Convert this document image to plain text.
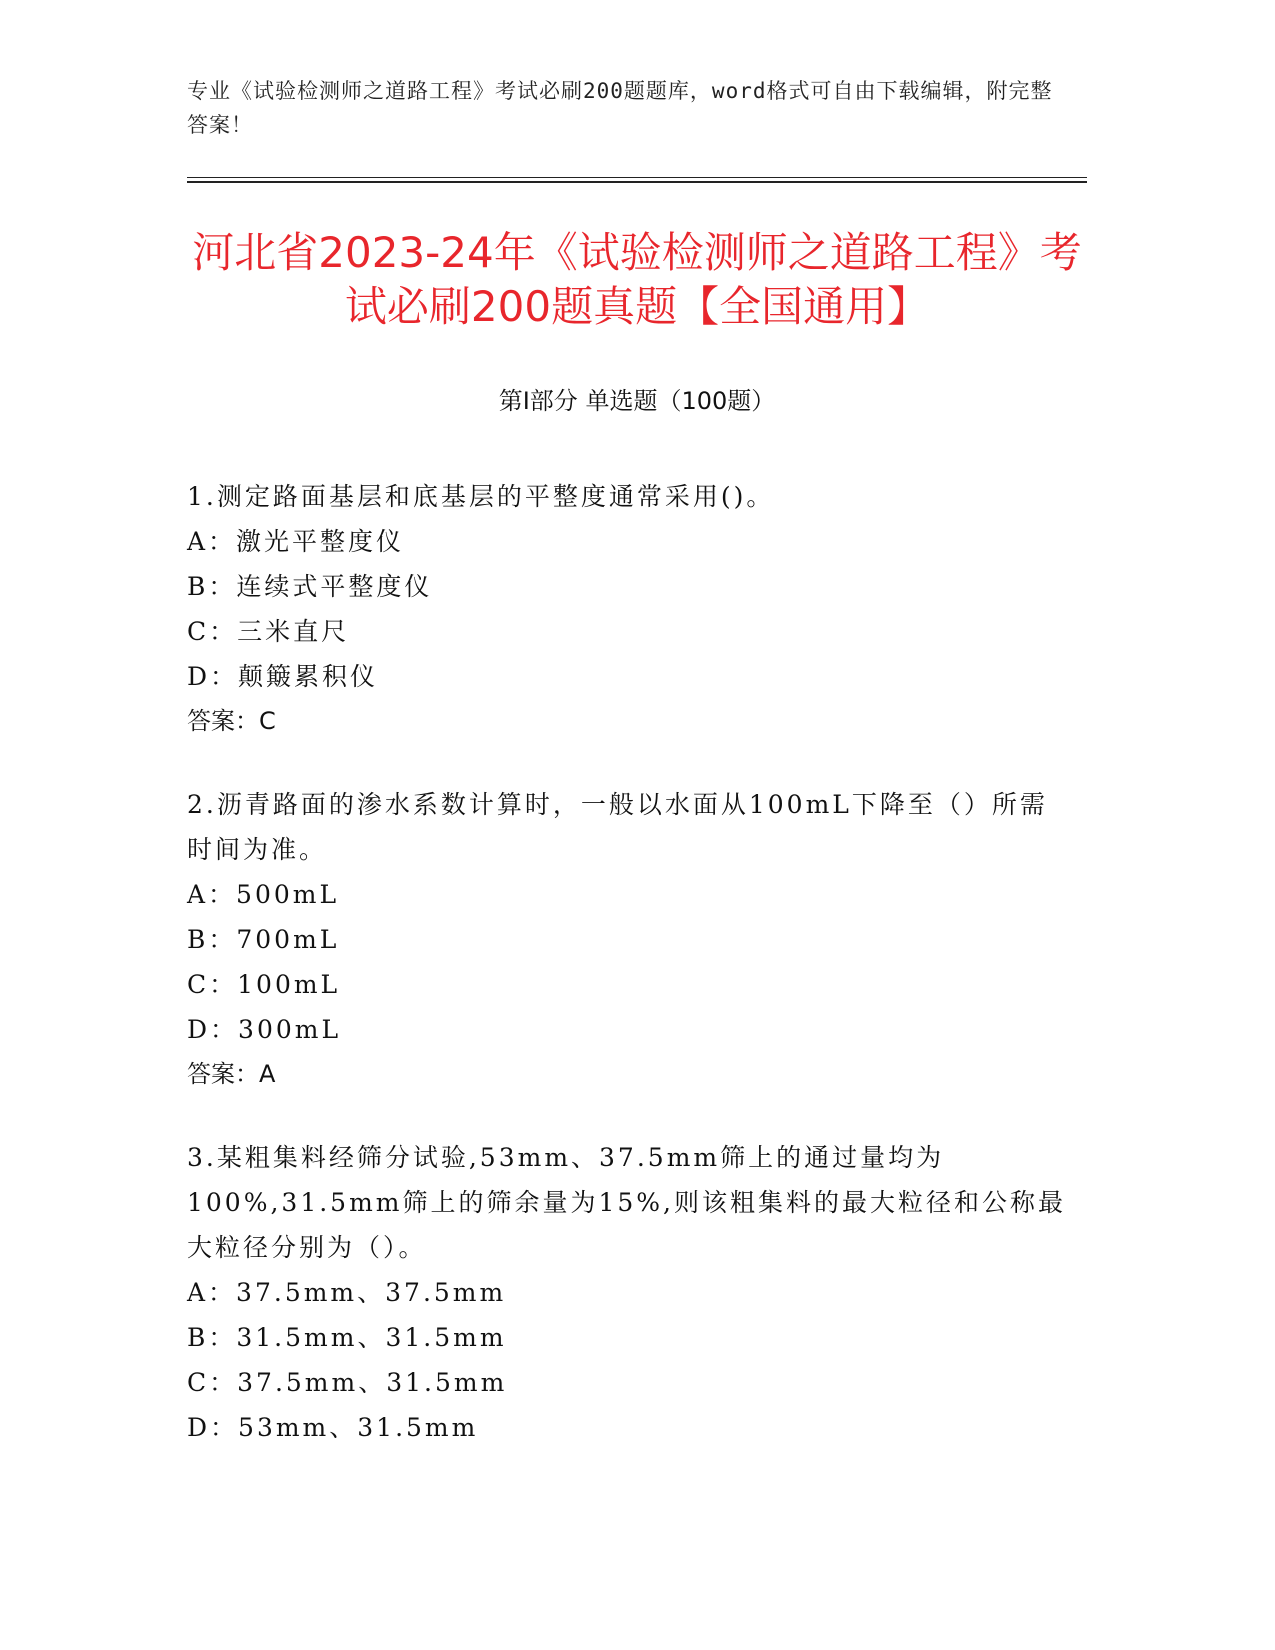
专业《试验检测师之道路工程》考试必刷200题题库，word格式可自由下载编辑，附完整答案！
河北省2023-24年《试验检测师之道路工程》考试必刷200题真题【全国通用】
第Ⅰ部分 单选题（100题）
1.测定路面基层和底基层的平整度通常采用()。
A：激光平整度仪
B：连续式平整度仪
C：三米直尺
D：颠簸累积仪
答案：C
2.沥青路面的渗水系数计算时，一般以水面从100mL下降至（）所需时间为准。
A：500mL
B：700mL
C：100mL
D：300mL
答案：A
3.某粗集料经筛分试验,53mm、37.5mm筛上的通过量均为100%,31.5mm筛上的筛余量为15%,则该粗集料的最大粒径和公称最大粒径分别为（）。
A：37.5mm、37.5mm
B：31.5mm、31.5mm
C：37.5mm、31.5mm
D：53mm、31.5mm
